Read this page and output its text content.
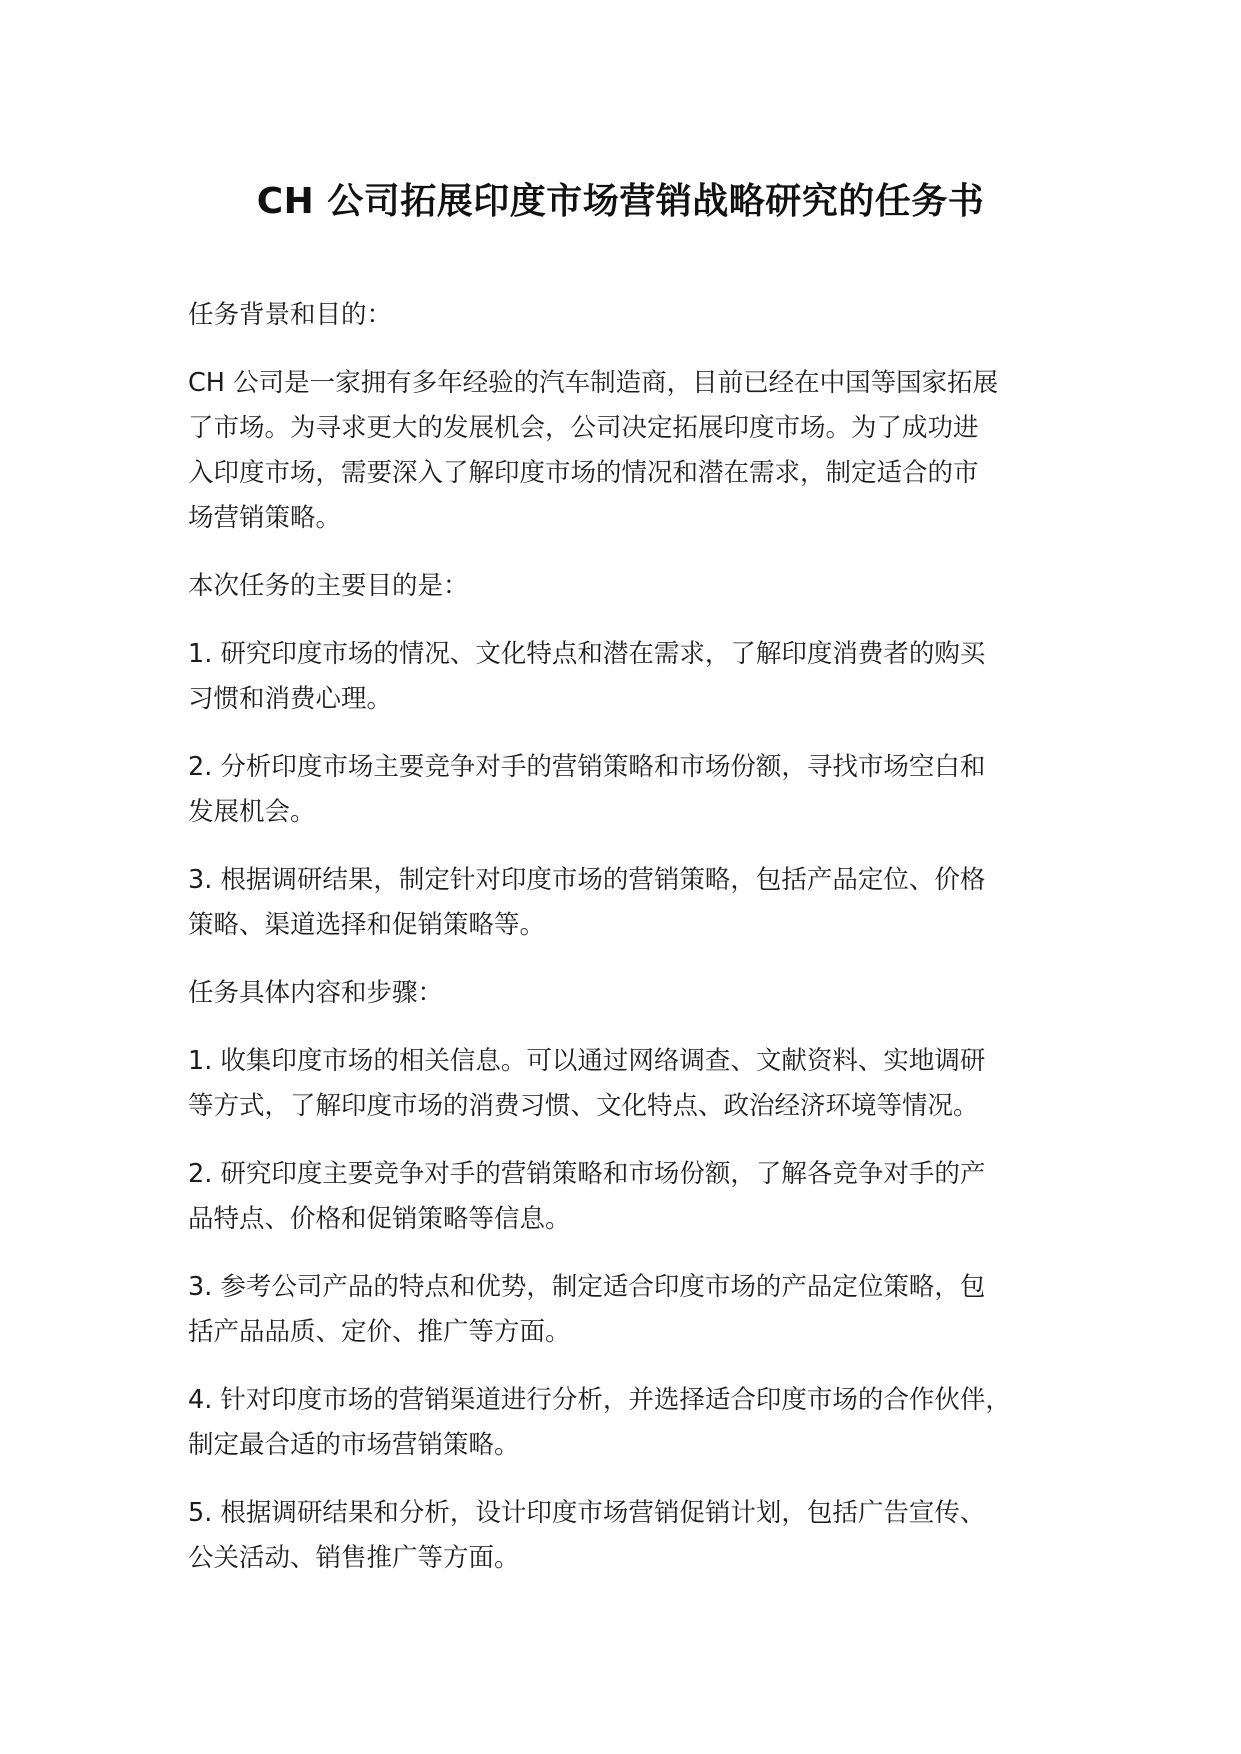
CH 公司拓展印度市场营销战略研究的任务书

任务背景和目的：

CH 公司是一家拥有多年经验的汽车制造商，目前已经在中国等国家拓展
了市场。为寻求更大的发展机会，公司决定拓展印度市场。为了成功进
入印度市场，需要深入了解印度市场的情况和潜在需求，制定适合的市
场营销策略。

本次任务的主要目的是：

1. 研究印度市场的情况、文化特点和潜在需求，了解印度消费者的购买
习惯和消费心理。

2. 分析印度市场主要竞争对手的营销策略和市场份额，寻找市场空白和
发展机会。

3. 根据调研结果，制定针对印度市场的营销策略，包括产品定位、价格
策略、渠道选择和促销策略等。

任务具体内容和步骤：

1. 收集印度市场的相关信息。可以通过网络调查、文献资料、实地调研
等方式，了解印度市场的消费习惯、文化特点、政治经济环境等情况。

2. 研究印度主要竞争对手的营销策略和市场份额，了解各竞争对手的产
品特点、价格和促销策略等信息。

3. 参考公司产品的特点和优势，制定适合印度市场的产品定位策略，包
括产品品质、定价、推广等方面。

4. 针对印度市场的营销渠道进行分析，并选择适合印度市场的合作伙伴，
制定最合适的市场营销策略。

5. 根据调研结果和分析，设计印度市场营销促销计划，包括广告宣传、
公关活动、销售推广等方面。
